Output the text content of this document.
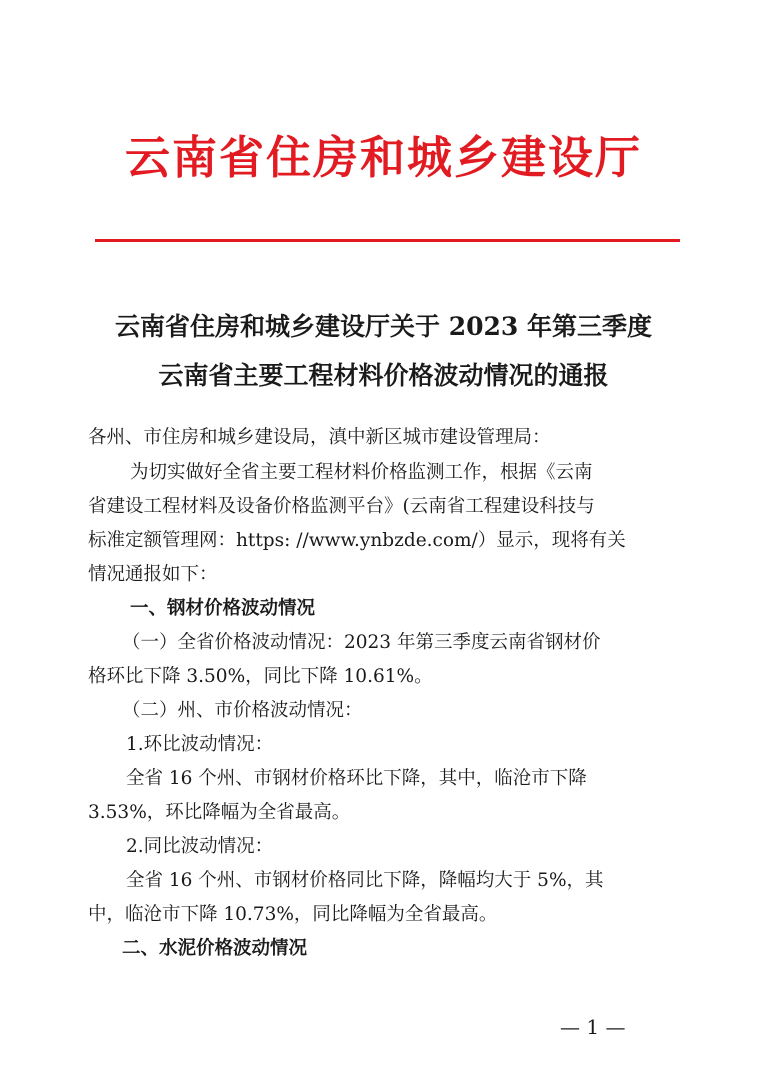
云南省住房和城乡建设厅
云南省住房和城乡建设厅关于 2023 年第三季度
云南省主要工程材料价格波动情况的通报
各州、市住房和城乡建设局，滇中新区城市建设管理局：
为切实做好全省主要工程材料价格监测工作，根据《云南
省建设工程材料及设备价格监测平台》(云南省工程建设科技与
标准定额管理网：https: //www.ynbzde.com/）显示，现将有关
情况通报如下：
一、钢材价格波动情况
（一）全省价格波动情况：2023 年第三季度云南省钢材价
格环比下降 3.50%，同比下降 10.61%。
（二）州、市价格波动情况：
1.环比波动情况：
全省 16 个州、市钢材价格环比下降，其中，临沧市下降
3.53%，环比降幅为全省最高。
2.同比波动情况：
全省 16 个州、市钢材价格同比下降，降幅均大于 5%，其
中，临沧市下降 10.73%，同比降幅为全省最高。
二、水泥价格波动情况
— 1 —
